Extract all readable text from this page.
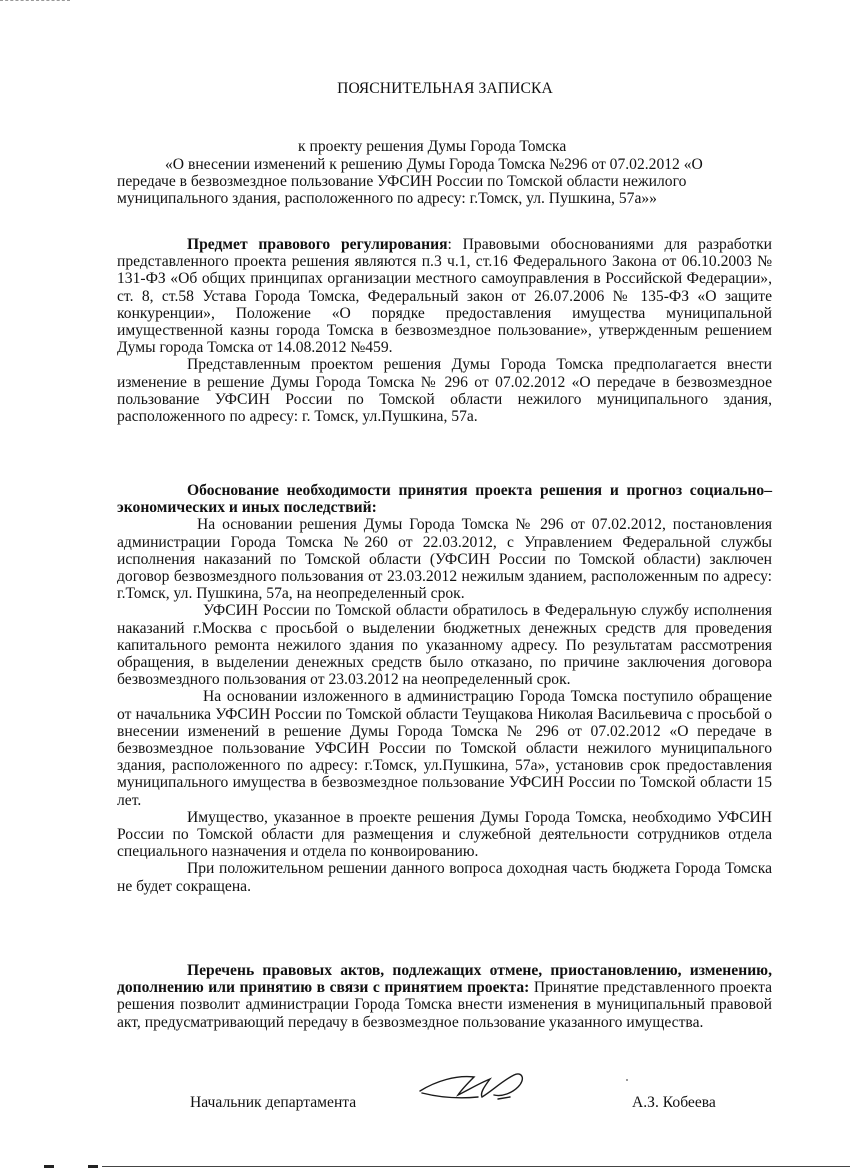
ПОЯСНИТЕЛЬНАЯ ЗАПИСКА
к проекту решения Думы Города Томска
«О внесении изменений к решению Думы Города Томска №296 от 07.02.2012 «О передаче в безвозмездное пользование УФСИН России по Томской области нежилого муниципального здания, расположенного по адресу: г.Томск, ул. Пушкина, 57а»»

Предмет правового регулирования: Правовыми обоснованиями для разработки представленного проекта решения являются п.3 ч.1, ст.16 Федерального Закона от 06.10.2003 № 131-ФЗ «Об общих принципах организации местного самоуправления в Российской Федерации», ст. 8, ст.58 Устава Города Томска, Федеральный закон от 26.07.2006 № 135-ФЗ «О защите конкуренции», Положение «О порядке предоставления имущества муниципальной имущественной казны города Томска в безвозмездное пользование», утвержденным решением Думы города Томска от 14.08.2012 №459.

Представленным проектом решения Думы Города Томска предполагается внести изменение в решение Думы Города Томска № 296 от 07.02.2012 «О передаче в безвозмездное пользование УФСИН России по Томской области нежилого муниципального здания, расположенного по адресу: г. Томск, ул.Пушкина, 57а.

Обоснование необходимости принятия проекта решения и прогноз социально–экономических и иных последствий:

На основании решения Думы Города Томска № 296 от 07.02.2012, постановления администрации Города Томска №260 от 22.03.2012, с Управлением Федеральной службы исполнения наказаний по Томской области (УФСИН России по Томской области) заключен договор безвозмездного пользования от 23.03.2012 нежилым зданием, расположенным по адресу: г.Томск, ул. Пушкина, 57а, на неопределенный срок.

УФСИН России по Томской области обратилось в Федеральную службу исполнения наказаний г.Москва с просьбой о выделении бюджетных денежных средств для проведения капитального ремонта нежилого здания по указанному адресу. По результатам рассмотрения обращения, в выделении денежных средств было отказано, по причине заключения договора безвозмездного пользования от 23.03.2012 на неопределенный срок.

На основании изложенного в администрацию Города Томска поступило обращение от начальника УФСИН России по Томской области Теущакова Николая Васильевича с просьбой о внесении изменений в решение Думы Города Томска № 296 от 07.02.2012 «О передаче в безвозмездное пользование УФСИН России по Томской области нежилого муниципального здания, расположенного по адресу: г.Томск, ул.Пушкина, 57а», установив срок предоставления муниципального имущества в безвозмездное пользование УФСИН России по Томской области 15 лет.

Имущество, указанное в проекте решения Думы Города Томска, необходимо УФСИН России по Томской области для размещения и служебной деятельности сотрудников отдела специального назначения и отдела по конвоированию.

При положительном решении данного вопроса доходная часть бюджета Города Томска не будет сокращена.

Перечень правовых актов, подлежащих отмене, приостановлению, изменению, дополнению или принятию в связи с принятием проекта: Принятие представленного проекта решения позволит администрации Города Томска внести изменения в муниципальный правовой акт, предусматривающий передачу в безвозмездное пользование указанного имущества.

Начальник департамента	А.З. Кобеева
